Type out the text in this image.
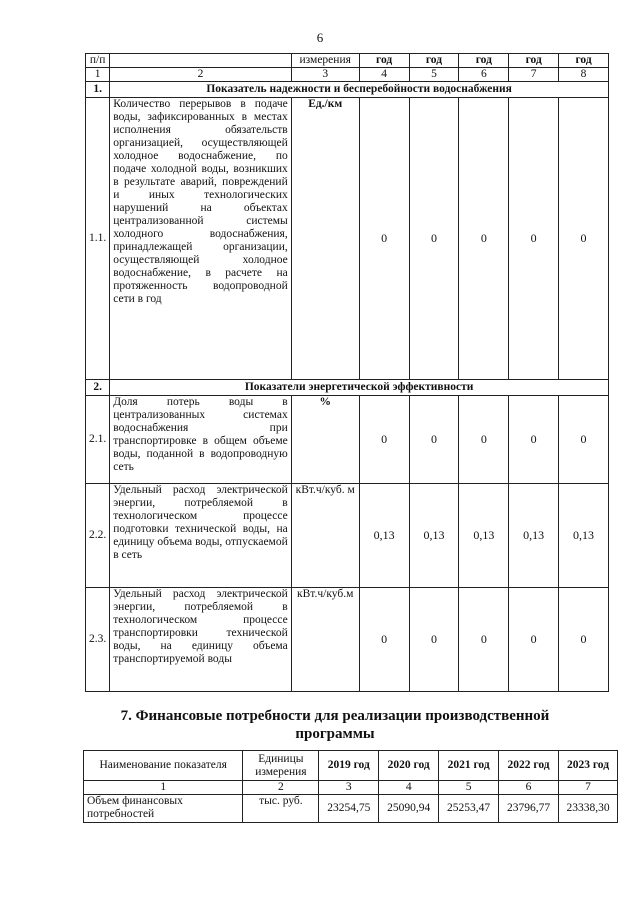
6
п/п		измерения	год	год	год	год	год
1	2	3	4	5	6	7	8
1.	Показатель надежности и бесперебойности водоснабжения						
1.1.	Количество перерывов в подаче воды, зафиксированных в местах исполнения обязательств организацией, осуществляющей холодное водоснабжение, по подаче холодной воды, возникших в результате аварий, повреждений и иных технологических нарушений на объектах централизованной системы холодного водоснабжения, принадлежащей организации, осуществляющей холодное водоснабжение, в расчете на протяженность водопроводной сети в год	Ед./км	0	0	0	0	0
2.	Показатели энергетической эффективности						
2.1.	Доля потерь воды в централизованных системах водоснабжения при транспортировке в общем объеме воды, поданной в водопроводную сеть	%	0	0	0	0	0
2.2.	Удельный расход электрической энергии, потребляемой в технологическом процессе подготовки технической воды, на единицу объема воды, отпускаемой в сеть	кВт.ч/куб. м	0,13	0,13	0,13	0,13	0,13
2.3.	Удельный расход электрической энергии, потребляемой в технологическом процессе транспортировки технической воды, на единицу объема транспортируемой воды	кВт.ч/куб.м	0	0	0	0	0
7. Финансовые потребности для реализации производственной программы
Наименование показателя	Единицы измерения	2019 год	2020 год	2021 год	2022 год	2023 год
1	2	3	4	5	6	7
Объем финансовых потребностей	тыс. руб.	23254,75	25090,94	25253,47	23796,77	23338,30
